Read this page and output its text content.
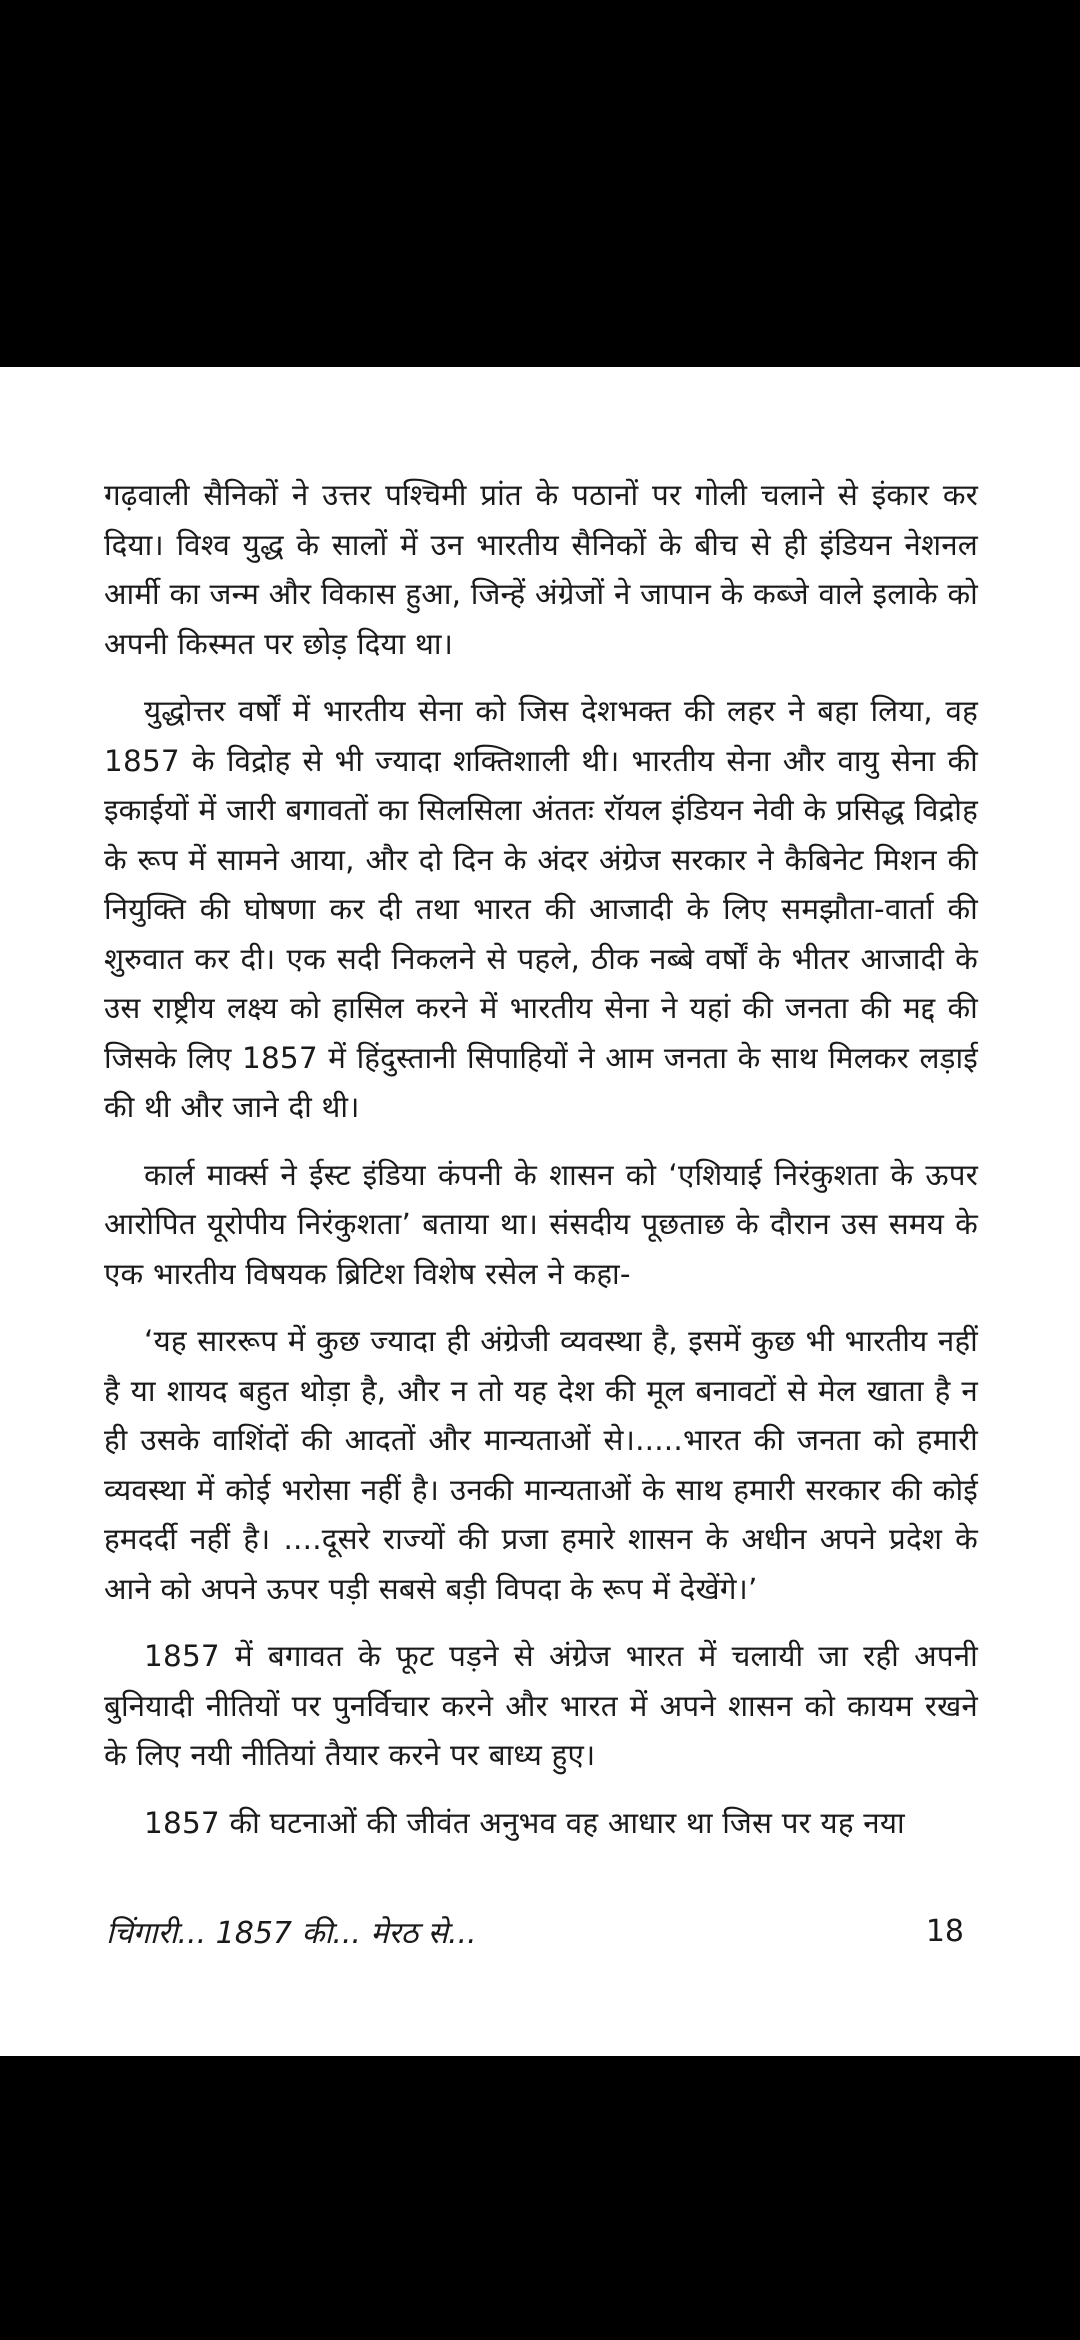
गढ़वाली सैनिकों ने उत्तर पश्चिमी प्रांत के पठानों पर गोली चलाने से इंकार कर दिया। विश्व युद्ध के सालों में उन भारतीय सैनिकों के बीच से ही इंडियन नेशनल आर्मी का जन्म और विकास हुआ, जिन्हें अंग्रेजों ने जापान के कब्जे वाले इलाके को अपनी किस्मत पर छोड़ दिया था।

युद्धोत्तर वर्षों में भारतीय सेना को जिस देशभक्त की लहर ने बहा लिया, वह 1857 के विद्रोह से भी ज्यादा शक्तिशाली थी। भारतीय सेना और वायु सेना की इकाईयों में जारी बगावतों का सिलसिला अंततः रॉयल इंडियन नेवी के प्रसिद्ध विद्रोह के रूप में सामने आया, और दो दिन के अंदर अंग्रेज सरकार ने कैबिनेट मिशन की नियुक्ति की घोषणा कर दी तथा भारत की आजादी के लिए समझौता-वार्ता की शुरुवात कर दी। एक सदी निकलने से पहले, ठीक नब्बे वर्षों के भीतर आजादी के उस राष्ट्रीय लक्ष्य को हासिल करने में भारतीय सेना ने यहां की जनता की मद्द की जिसके लिए 1857 में हिंदुस्तानी सिपाहियों ने आम जनता के साथ मिलकर लड़ाई की थी और जाने दी थी।

कार्ल मार्क्स ने ईस्ट इंडिया कंपनी के शासन को ‘एशियाई निरंकुशता के ऊपर आरोपित यूरोपीय निरंकुशता’ बताया था। संसदीय पूछताछ के दौरान उस समय के एक भारतीय विषयक ब्रिटिश विशेष रसेल ने कहा-

‘यह साररूप में कुछ ज्यादा ही अंग्रेजी व्यवस्था है, इसमें कुछ भी भारतीय नहीं है या शायद बहुत थोड़ा है, और न तो यह देश की मूल बनावटों से मेल खाता है न ही उसके वाशिंदों की आदतों और मान्यताओं से।.....भारत की जनता को हमारी व्यवस्था में कोई भरोसा नहीं है। उनकी मान्यताओं के साथ हमारी सरकार की कोई हमदर्दी नहीं है। ....दूसरे राज्यों की प्रजा हमारे शासन के अधीन अपने प्रदेश के आने को अपने ऊपर पड़ी सबसे बड़ी विपदा के रूप में देखेंगे।’

1857 में बगावत के फूट पड़ने से अंग्रेज भारत में चलायी जा रही अपनी बुनियादी नीतियों पर पुनर्विचार करने और भारत में अपने शासन को कायम रखने के लिए नयी नीतियां तैयार करने पर बाध्य हुए।

1857 की घटनाओं की जीवंत अनुभव वह आधार था जिस पर यह नया

चिंगारी... 1857 की... मेरठ से...	18
